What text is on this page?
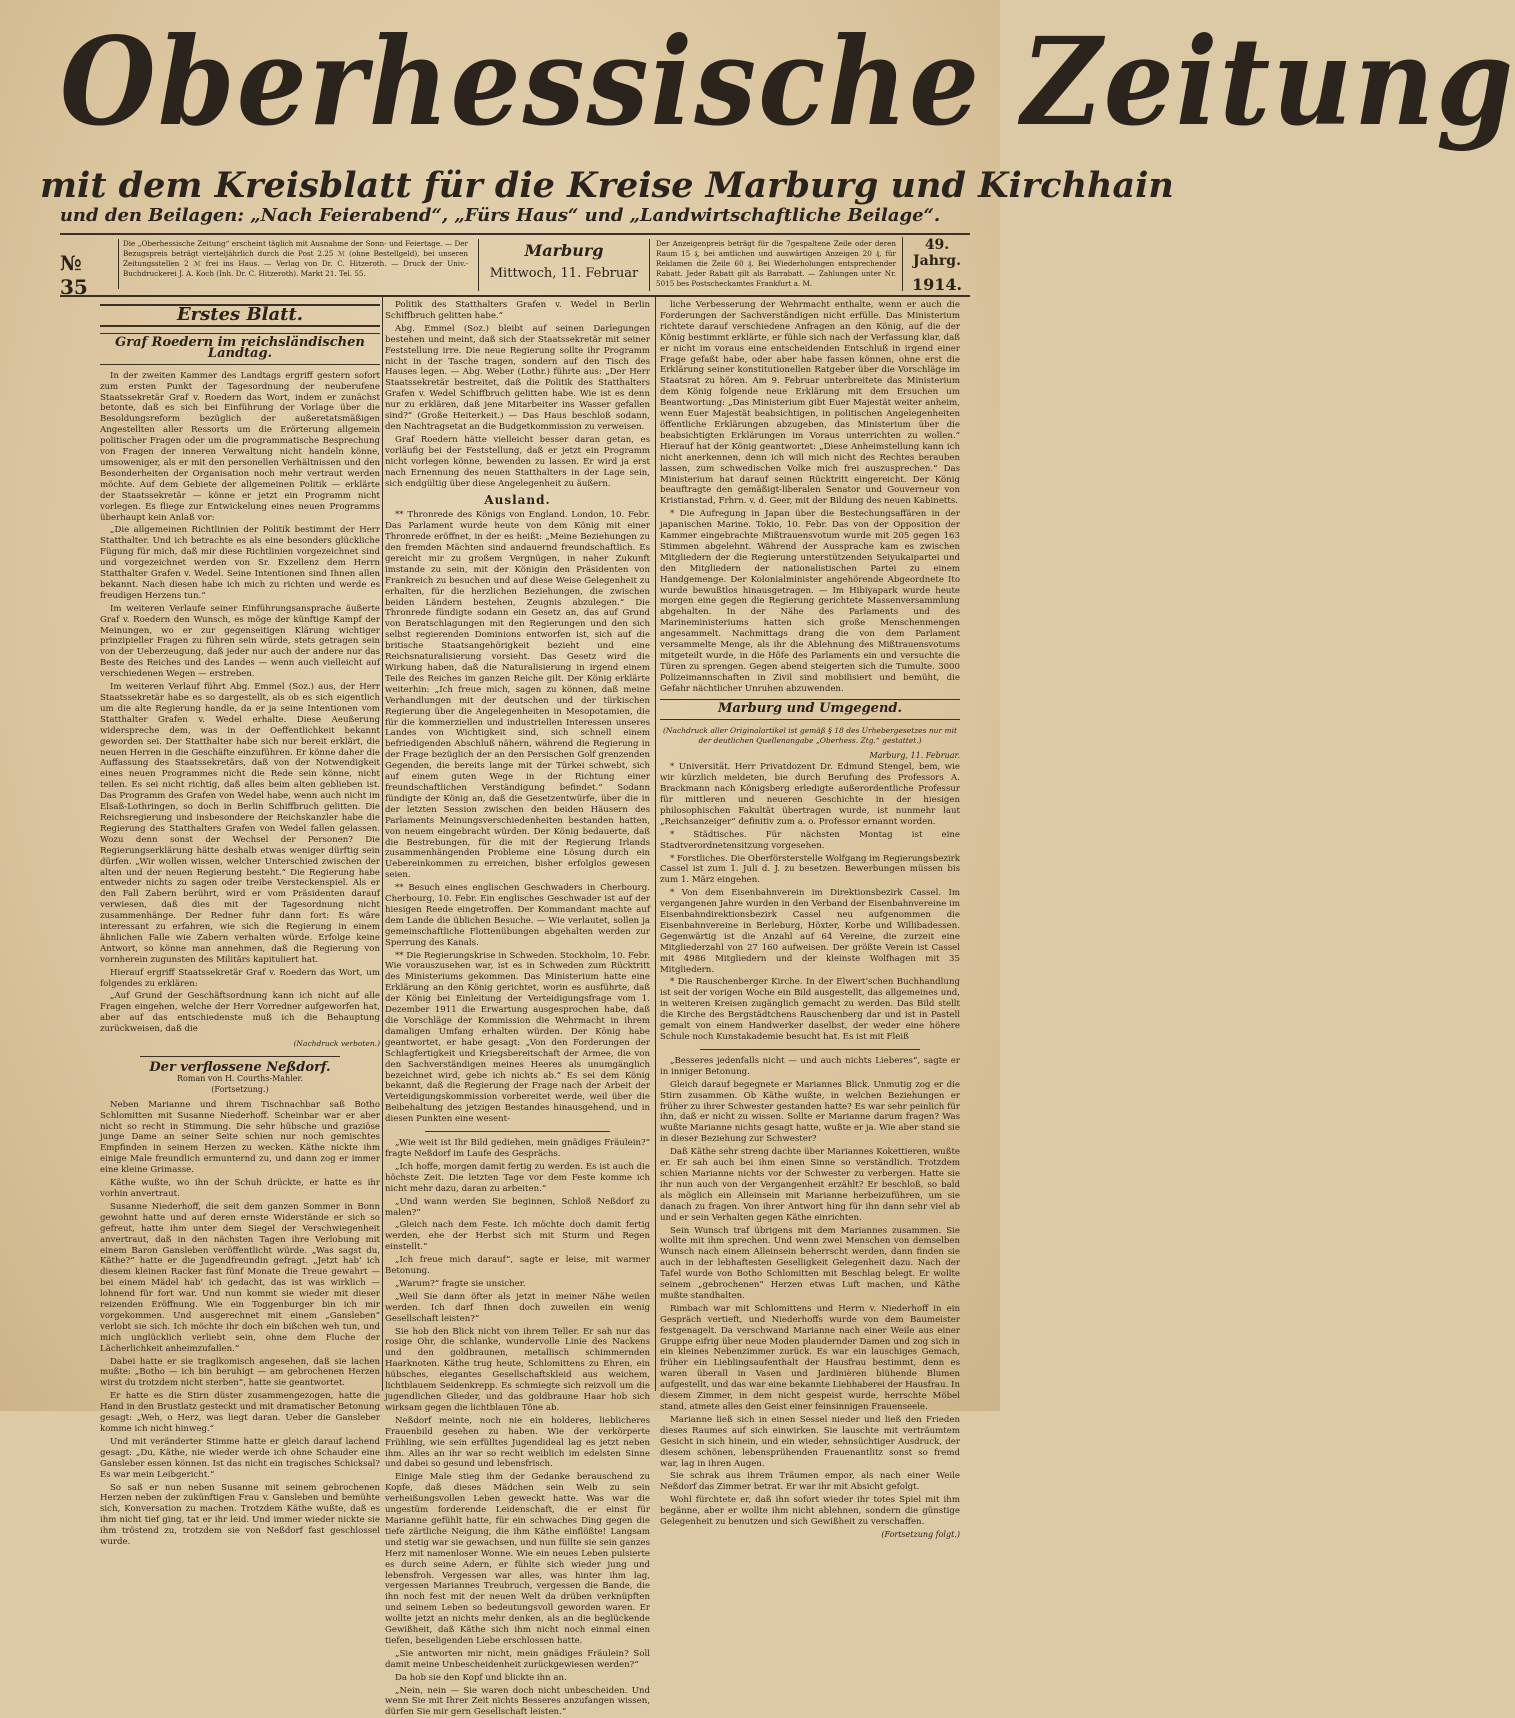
Oberhessische Zeitung
mit dem Kreisblatt für die Kreise Marburg und Kirchhain
und den Beilagen: „Nach Feierabend“, „Fürs Haus“ und „Landwirtschaftliche Beilage“.
№ 35
Die „Oberhessische Zeitung“ erscheint täglich mit Ausnahme der Sonn- und Feiertage. — Der Bezugspreis beträgt vierteljährlich durch die Post 2.25 ℳ (ohne Bestellgeld), bei unseren Zeitungsstellen 2 ℳ frei ins Haus. — Verlag von Dr. C. Hitzeroth. — Druck der Univ.-Buchdruckerei J. A. Koch (Inh. Dr. C. Hitzeroth). Markt 21. Tel. 55.
Marburg
Mittwoch, 11. Februar
Der Anzeigenpreis beträgt für die 7gespaltene Zeile oder deren Raum 15 ₰, bei amtlichen und auswärtigen Anzeigen 20 ₰, für Reklamen die Zeile 60 ₰. Bei Wiederholungen entsprechender Rabatt. Jeder Rabatt gilt als Barrabatt. — Zahlungen unter Nr. 5015 bes Postscheckamtes Frankfurt a. M.
49. Jahrg.
1914.
Erstes Blatt.
Graf Roedern im reichsländischen Landtag.

In der zweiten Kammer des Landtags ergriff gestern sofort zum ersten Punkt der Tagesordnung der neuberufene Staatssekretär Graf v. Roedern das Wort, indem er zunächst betonte, daß es sich bei Einführung der Vorlage über die Besoldungsreform bezüglich der außeretatsmäßigen Angestellten aller Ressorts um die Erörterung allgemein politischer Fragen oder um die programmatische Besprechung von Fragen der inneren Verwaltung nicht handeln könne, umsoweniger, als er mit den personellen Verhältnissen und den Besonderheiten der Organisation noch mehr vertraut werden möchte. Auf dem Gebiete der allgemeinen Politik — erklärte der Staatssekretär — könne er jetzt ein Programm nicht vorlegen. Es fliege zur Entwickelung eines neuen Programms überhaupt kein Anlaß vor:

„Die allgemeinen Richtlinien der Politik bestimmt der Herr Statthalter. Und ich betrachte es als eine besonders glückliche Fügung für mich, daß mir diese Richtlinien vorgezeichnet sind und vorgezeichnet werden von Sr. Exzellenz dem Herrn Statthalter Grafen v. Wedel. Seine Intentionen sind Ihnen allen bekannt. Nach diesen habe ich mich zu richten und werde es freudigen Herzens tun.“

Im weiteren Verlaufe seiner Einführungsansprache äußerte Graf v. Roedern den Wunsch, es möge der künftige Kampf der Meinungen, wo er zur gegenseitigen Klärung wichtiger prinzipieller Fragen zu führen sein würde, stets getragen sein von der Ueberzeugung, daß jeder nur auch der andere nur das Beste des Reiches und des Landes — wenn auch vielleicht auf verschiedenen Wegen — erstreben.

Im weiteren Verlauf führt Abg. Emmel (Soz.) aus, der Herr Staatssekretär habe es so dargestellt, als ob es sich eigentlich um die alte Regierung handle, da er ja seine Intentionen vom Statthalter Grafen v. Wedel erhalte. Diese Aeußerung widerspreche dem, was in der Oeffentlichkeit bekannt geworden sei. Der Statthalter habe sich nur bereit erklärt, die neuen Herren in die Geschäfte einzuführen. Er könne daher die Auffassung des Staatssekretärs, daß von der Notwendigkeit eines neuen Programmes nicht die Rede sein könne, nicht teilen. Es sei nicht richtig, daß alles beim alten geblieben ist. Das Programm des Grafen von Wedel habe, wenn auch nicht im Elsaß-Lothringen, so doch in Berlin Schiffbruch gelitten. Die Reichsregierung und insbesondere der Reichskanzler habe die Regierung des Statthalters Grafen von Wedel fallen gelassen. Wozu denn sonst der Wechsel der Personen? Die Regierungserklärung hätte deshalb etwas weniger dürftig sein dürfen. „Wir wollen wissen, welcher Unterschied zwischen der alten und der neuen Regierung besteht.“ Die Regierung habe entweder nichts zu sagen oder treibe Versteckenspiel. Als er den Fall Zabern berührt, wird er vom Präsidenten darauf verwiesen, daß dies mit der Tagesordnung nicht zusammenhänge. Der Redner fuhr dann fort: Es wäre interessant zu erfahren, wie sich die Regierung in einem ähnlichen Falle wie Zabern verhalten würde. Erfolge keine Antwort, so könne man annehmen, daß die Regierung von vornherein zugunsten des Militärs kapituliert hat.

Hierauf ergriff Staatssekretär Graf v. Roedern das Wort, um folgendes zu erklären:

„Auf Grund der Geschäftsordnung kann ich nicht auf alle Fragen eingehen, welche der Herr Vorredner aufgeworfen hat, aber auf das entschiedenste muß ich die Behauptung zurückweisen, daß die

(Nachdruck verboten.)
Der verflossene Neßdorf.
Roman von H. Courths-Mahler.
(Fortsetzung.)

Neben Marianne und ihrem Tischnachbar saß Botho Schlomitten mit Susanne Niederhoff. Scheinbar war er aber nicht so recht in Stimmung. Die sehr hübsche und graziöse junge Dame an seiner Seite schien nur noch gemischtes Empfinden in seinem Herzen zu wecken. Käthe nickte ihm einige Male freundlich ermunternd zu, und dann zog er immer eine kleine Grimasse.

Käthe wußte, wo ihn der Schuh drückte, er hatte es ihr vorhin anvertraut.

Susanne Niederhoff, die seit dem ganzen Sommer in Bonn gewohnt hatte und auf deren ernste Widerstände er sich so gefreut, hatte ihm unter dem Siegel der Verschwiegenheit anvertraut, daß in den nächsten Tagen ihre Verlobung mit einem Baron Gansleben veröffentlicht würde. „Was sagst du, Käthe?“ hatte er die Jugendfreundin gefragt. „Jetzt hab’ ich diesem kleinen Racker fast fünf Monate die Treue gewahrt — bei einem Mädel hab’ ich gedacht, das ist was wirklich — lohnend für fort war. Und nun kommt sie wieder mit dieser reizenden Eröffnung. Wie ein Toggenburger bin ich mir vorgekommen. Und ausgerechnet mit einem „Gansleben“ verlobt sie sich. Ich möchte ihr doch ein bißchen weh tun, und mich unglücklich verliebt sein, ohne dem Fluche der Lächerlichkeit anheimzufallen.“

Dabei hatte er sie traglkomisch angesehen, daß sie lachen mußte: „Botho — ich bin beruhigt — am gebrochenen Herzen wirst du trotzdem nicht sterben“, hatte sie geantwortet.

Er hatte es die Stirn düster zusammengezogen, hatte die Hand in den Brustlatz gesteckt und mit dramatischer Betonung gesagt: „Weh, o Herz, was liegt daran. Ueber die Gansleber komme ich nicht hinweg.“

Und mit veränderter Stimme hatte er gleich darauf lachend gesagt: „Du, Käthe, nie wieder werde ich ohne Schauder eine Gansleber essen können. Ist das nicht ein tragisches Schicksal? Es war mein Leibgericht.“

So saß er nun neben Susanne mit seinem gebrochenen Herzen neben der zukünftigen Frau v. Gansleben und bemühte sich, Konversation zu machen. Trotzdem Käthe wußte, daß es ihm nicht tief ging, tat er ihr leid. Und immer wieder nickte sie ihm tröstend zu, trotzdem sie von Neßdorf fast geschlossel wurde.

Politik des Statthalters Grafen v. Wedel in Berlin Schiffbruch gelitten habe.“

Abg. Emmel (Soz.) bleibt auf seinen Darlegungen bestehen und meint, daß sich der Staatssekretär mit seiner Feststellung irre. Die neue Regierung sollte ihr Programm nicht in der Tasche tragen, sondern auf den Tisch des Hauses legen. — Abg. Weber (Lothr.) führte aus: „Der Herr Staatssekretär bestreitet, daß die Politik des Statthalters Grafen v. Wedel Schiffbruch gelitten habe. Wie ist es denn nur zu erklären, daß jene Mitarbeiter ins Wasser gefallen sind?“ (Große Heiterkeit.) — Das Haus beschloß sodann, den Nachtragsetat an die Budgetkommission zu verweisen.

Graf Roedern hätte vielleicht besser daran getan, es vorläufig bei der Feststellung, daß er jetzt ein Programm nicht vorlegen könne, bewenden zu lassen. Er wird ja erst nach Ernennung des neuen Statthalters in der Lage sein, sich endgültig über diese Angelegenheit zu äußern.

Ausland.

** Thronrede des Königs von England. London, 10. Febr. Das Parlament wurde heute von dem König mit einer Thronrede eröffnet, in der es heißt: „Meine Beziehungen zu den fremden Mächten sind andauernd freundschaftlich. Es gereicht mir zu großem Vergnügen, in naher Zukunft imstande zu sein, mit der Königin den Präsidenten von Frankreich zu besuchen und auf diese Weise Gelegenheit zu erhalten, für die herzlichen Beziehungen, die zwischen beiden Ländern bestehen, Zeugnis abzulegen.“ Die Thronrede fündigte sodann ein Gesetz an, das auf Grund von Beratschlagungen mit den Regierungen und den sich selbst regierenden Dominions entworfen ist, sich auf die britische Staatsangehörigkeit bezieht und eine Reichsnaturalisierung vorsieht. Das Gesetz wird die Wirkung haben, daß die Naturalisierung in irgend einem Teile des Reiches im ganzen Reiche gilt. Der König erklärte weiterhin: „Ich freue mich, sagen zu können, daß meine Verhandlungen mit der deutschen und der türkischen Regierung über die Angelegenheiten in Mesopotamien, die für die kommerziellen und industriellen Interessen unseres Landes von Wichtigkeit sind, sich schnell einem befriedigenden Abschluß nähern, während die Regierung in der Frage bezüglich der an den Persischen Golf grenzenden Gegenden, die bereits lange mit der Türkei schwebt, sich auf einem guten Wege in der Richtung einer freundschaftlichen Verständigung befindet.“ Sodann fündigte der König an, daß die Gesetzentwürfe, über die in der letzten Session zwischen den beiden Häusern des Parlaments Meinungsverschiedenheiten bestanden hatten, von neuem eingebracht würden. Der König bedauerte, daß die Bestrebungen, für die mit der Regierung Irlands zusammenhängenden Probleme eine Lösung durch ein Uebereinkommen zu erreichen, bisher erfolglos gewesen seien.

** Besuch eines englischen Geschwaders in Cherbourg. Cherbourg, 10. Febr. Ein englisches Geschwader ist auf der hiesigen Reede eingetroffen. Der Kommandant machte auf dem Lande die üblichen Besuche. — Wie verlautet, sollen ja gemeinschaftliche Flottenübungen abgehalten werden zur Sperrung des Kanals.

** Die Regierungskrise in Schweden. Stockholm, 10. Febr. Wie vorauszusehen war, ist es in Schweden zum Rücktritt des Ministeriums gekommen. Das Ministerium hatte eine Erklärung an den König gerichtet, worin es ausführte, daß der König bei Einleitung der Verteidigungsfrage vom 1. Dezember 1911 die Erwartung ausgesprochen habe, daß die Vorschläge der Kommission die Wehrmacht in ihrem damaligen Umfang erhalten würden. Der König habe geantwortet, er habe gesagt: „Von den Forderungen der Schlagfertigkeit und Kriegsbereitschaft der Armee, die von den Sachverständigen meines Heeres als unumgänglich bezeichnet wird, gebe ich nichts ab.“ Es sei dem König bekannt, daß die Regierung der Frage nach der Arbeit der Verteidigungskommission vorbereitet werde, weil über die Beibehaltung des jetzigen Bestandes hinausgehend, und in diesen Punkten eine wesent-

„Wie weit ist Ihr Bild gediehen, mein gnädiges Fräulein?“ fragte Neßdorf im Laufe des Gesprächs.

„Ich hoffe, morgen damit fertig zu werden. Es ist auch die höchste Zeit. Die letzten Tage vor dem Feste komme ich nicht mehr dazu, daran zu arbeiten.“

„Und wann werden Sie beginnen, Schloß Neßdorf zu malen?“

„Gleich nach dem Feste. Ich möchte doch damit fertig werden, ehe der Herbst sich mit Sturm und Regen einstellt.“

„Ich freue mich darauf“, sagte er leise, mit warmer Betonung.

„Warum?“ fragte sie unsicher.

„Weil Sie dann öfter als jetzt in meiner Nähe weilen werden. Ich darf Ihnen doch zuweilen ein wenig Gesellschaft leisten?“

Sie hob den Blick nicht von ihrem Teller. Er sah nur das rosige Ohr, die schlanke, wundervolle Linie des Nackens und den goldbraunen, metallisch schimmernden Haarknoten. Käthe trug heute, Schlomittens zu Ehren, ein hübsches, elegantes Gesellschaftskleid aus weichem, lichtblauem Seidenkrepp. Es schmiegte sich reizvoll um die jugendlichen Glieder, und das goldbraune Haar hob sich wirksam gegen die lichtblauen Töne ab.

Neßdorf meinte, noch nie ein holderes, lieblicheres Frauenbild gesehen zu haben. Wie der verkörperte Frühling, wie sein erfülltes Jugendideal lag es jetzt neben ihm. Alles an ihr war so recht weiblich im edelsten Sinne und dabei so gesund und lebensfrisch.

Einige Male stieg ihm der Gedanke berauschend zu Kopfe, daß dieses Mädchen sein Weib zu sein verheißungsvollen Leben geweckt hatte. Was war die ungestüm forderende Leidenschaft, die er einst für Marianne gefühlt hatte, für ein schwaches Ding gegen die tiefe zärtliche Neigung, die ihm Käthe einflößte! Langsam und stetig war sie gewachsen, und nun füllte sie sein ganzes Herz mit namenloser Wonne. Wie ein neues Leben pulsierte es durch seine Adern, er fühlte sich wieder jung und lebensfroh. Vergessen war alles, was hinter ihm lag, vergessen Mariannes Treubruch, vergessen die Bande, die ihn noch fest mit der neuen Welt da drüben verknüpften und seinem Leben so bedeutungsvoll geworden waren. Er wollte jetzt an nichts mehr denken, als an die beglückende Gewißheit, daß Käthe sich ihm nicht noch einmal einen tiefen, beseligenden Liebe erschlossen hatte.

„Sie antworten mir nicht, mein gnädiges Fräulein? Soll damit meine Unbescheidenheit zurückgewiesen werden?“

Da hob sie den Kopf und blickte ihn an.

„Nein, nein — Sie waren doch nicht unbescheiden. Und wenn Sie mit Ihrer Zeit nichts Besseres anzufangen wissen, dürfen Sie mir gern Gesellschaft leisten.“

liche Verbesserung der Wehrmacht enthalte, wenn er auch die Forderungen der Sachverständigen nicht erfülle. Das Ministerium richtete darauf verschiedene Anfragen an den König, auf die der König bestimmt erklärte, er fühle sich nach der Verfassung klar, daß er nicht im voraus eine entscheidenden Entschluß in irgend einer Frage gefaßt habe, oder aber habe fassen können, ohne erst die Erklärung seiner konstitutionellen Ratgeber über die Vorschläge im Staatsrat zu hören. Am 9. Februar unterbreitete das Ministerium dem König folgende neue Erklärung mit dem Ersuchen um Beantwortung: „Das Ministerium gibt Euer Majestät weiter anheim, wenn Euer Majestät beabsichtigen, in politischen Angelegenheiten öffentliche Erklärungen abzugeben, das Ministerium über die beabsichtigten Erklärungen im Voraus unterrichten zu wollen.“ Hierauf hat der König geantwortet: „Diese Anheimstellung kann ich nicht anerkennen, denn ich will mich nicht des Rechtes berauben lassen, zum schwedischen Volke mich frei auszusprechen.“ Das Ministerium hat darauf seinen Rücktritt eingereicht. Der König beauftragte den gemäßigt-liberalen Senator und Gouverneur von Kristianstad, Frhrn. v. d. Geer, mit der Bildung des neuen Kabinetts.

* Die Aufregung in Japan über die Bestechungsaffären in der japanischen Marine. Tokio, 10. Febr. Das von der Opposition der Kammer eingebrachte Mißtrauensvotum wurde mit 205 gegen 163 Stimmen abgelehnt. Während der Aussprache kam es zwischen Mitgliedern der die Regierung unterstützenden Seiyukaipartei und den Mitgliedern der nationalistischen Partei zu einem Handgemenge. Der Kolonialminister angehörende Abgeordnete Ito wurde bewußtlos hinausgetragen. — Im Hibiyapark wurde heute morgen eine gegen die Regierung gerichtete Massenversammlung abgehalten. In der Nähe des Parlaments und des Marineministeriums hatten sich große Menschenmengen angesammelt. Nachmittags drang die von dem Parlament versammelte Menge, als ihr die Ablehnung des Mißtrauensvotums mitgeteilt wurde, in die Höfe des Parlaments ein und versuchte die Türen zu sprengen. Gegen abend steigerten sich die Tumulte. 3000 Polizeimannschaften in Zivil sind mobilisiert und bemüht, die Gefahr nächtlicher Unruhen abzuwenden.

Marburg und Umgegend.
(Nachdruck aller Originalartikel ist gemäß § 18 des Urhebergesetzes nur mit der deutlichen Quellenangabe „Oberhess. Ztg.“ gestattet.)
Marburg, 11. Februar.

* Universität. Herr Privatdozent Dr. Edmund Stengel, bem, wie wir kürzlich meldeten, bie durch Berufung des Professors A. Brackmann nach Königsberg erledigte außerordentliche Professur für mittleren und neueren Geschichte in der hiesigen philosophischen Fakultät übertragen wurde, ist nunmehr laut „Reichsanzeiger“ definitiv zum a. o. Professor ernannt worden.

* Städtisches. Für nächsten Montag ist eine Stadtverordnetensitzung vorgesehen.

* Forstliches. Die Oberförsterstelle Wolfgang im Regierungsbezirk Cassel ist zum 1. Juli d. J. zu besetzen. Bewerbungen müssen bis zum 1. März eingehen.

* Von dem Eisenbahnverein im Direktionsbezirk Cassel. Im vergangenen Jahre wurden in den Verband der Eisenbahnvereine im Eisenbahndirektionsbezirk Cassel neu aufgenommen die Eisenbahnvereine in Berleburg, Höxter, Korbe und Willibadessen. Gegenwärtig ist die Anzahl auf 64 Vereine, die zurzeit eine Mitgliederzahl von 27 160 aufweisen. Der größte Verein ist Cassel mit 4986 Mitgliedern und der kleinste Wolfhagen mit 35 Mitgliedern.

* Die Rauschenberger Kirche. In der Elwert’schen Buchhandlung ist seit der vorigen Woche ein Bild ausgestellt, das allgemeines und, in weiteren Kreisen zugänglich gemacht zu werden. Das Bild stellt die Kirche des Bergstädtchens Rauschenberg dar und ist in Pastell gemalt von einem Handwerker daselbst, der weder eine höhere Schule noch Kunstakademie besucht hat. Es ist mit Fleiß

„Besseres jedenfalls nicht — und auch nichts Lieberes“, sagte er in inniger Betonung.

Gleich darauf begegnete er Mariannes Blick. Unmutig zog er die Stirn zusammen. Ob Käthe wußte, in welchen Beziehungen er früher zu ihrer Schwester gestanden hatte? Es war sehr peinlich für ihn, daß er nicht zu wissen. Sollte er Marianne darum fragen? Was wußte Marianne nichts gesagt hatte, wußte er ja. Wie aber stand sie in dieser Beziehung zur Schwester?

Daß Käthe sehr streng dachte über Mariannes Kokettieren, wußte er. Er sah auch bei ihm einen Sinne so verständlich. Trotzdem schien Marianne nichts vor der Schwester zu verbergen. Hatte sie ihr nun auch von der Vergangenheit erzählt? Er beschloß, so bald als möglich ein Alleinsein mit Marianne herbeizuführen, um sie danach zu fragen. Von ihrer Antwort hing für ihn dann sehr viel ab und er sein Verhalten gegen Käthe einrichten.

Sein Wunsch traf übrigens mit dem Mariannes zusammen. Sie wollte mit ihm sprechen. Und wenn zwei Menschen von demselben Wunsch nach einem Alleinsein beherrscht werden, dann finden sie auch in der lebhaftesten Geselligkeit Gelegenheit dazu. Nach der Tafel wurde von Botho Schlomitten mit Beschlag belegt. Er wollte seinem „gebrochenen“ Herzen etwas Luft machen, und Käthe mußte standhalten.

Rimbach war mit Schlomittens und Herrn v. Niederhoff in ein Gespräch vertieft, und Niederhoffs wurde von dem Baumeister festgenagelt. Da verschwand Marianne nach einer Weile aus einer Gruppe eifrig über neue Moden plaudernder Damen und zog sich in ein kleines Nebenzimmer zurück. Es war ein lauschiges Gemach, früher ein Lieblingsaufenthalt der Hausfrau bestimmt, denn es waren überall in Vasen und Jardinièren blühende Blumen aufgestellt, und das war eine bekannte Liebhaberei der Hausfrau. In diesem Zimmer, in dem nicht gespeist wurde, herrschte Möbel stand, atmete alles den Geist einer feinsinnigen Frauenseele.

Marianne ließ sich in einen Sessel nieder und ließ den Frieden dieses Raumes auf sich einwirken. Sie lauschte mit verträumtem Gesicht in sich hinein, und ein wieder, sehnsüchtiger Ausdruck, der diesem schönen, lebensprühenden Frauenantlitz sonst so fremd war, lag in ihren Augen.

Sie schrak aus ihrem Träumen empor, als nach einer Weile Neßdorf das Zimmer betrat. Er war ihr mit Absicht gefolgt.

Wohl fürchtete er, daß ihn sofort wieder ihr totes Spiel mit ihm begänne, aber er wollte ihm nicht ablehnen, sondern die günstige Gelegenheit zu benutzen und sich Gewißheit zu verschaffen.

(Fortsetzung folgt.)
